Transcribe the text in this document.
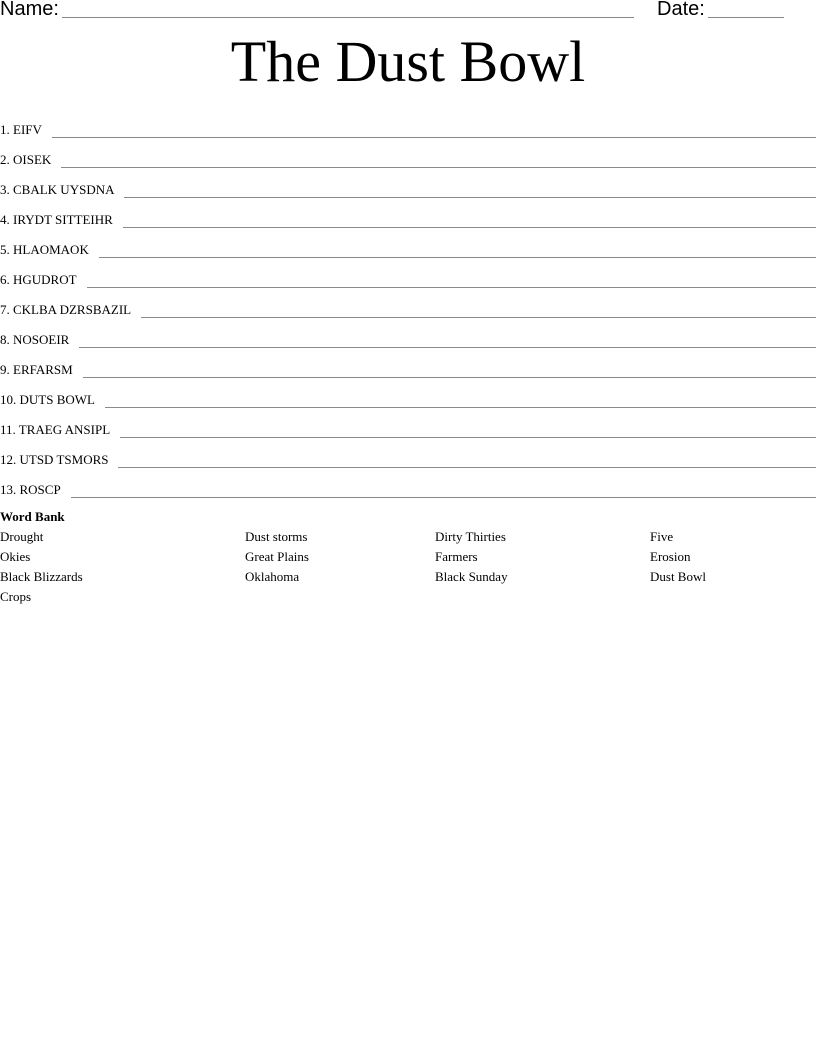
Name:	Date:
The Dust Bowl
1. EIFV
2. OISEK
3. CBALK UYSDNA
4. IRYDT SITTEIHR
5. HLAOMAOK
6. HGUDROT
7. CKLBA DZRSBAZIL
8. NOSOEIR
9. ERFARSM
10. DUTS BOWL
11. TRAEG ANSIPL
12. UTSD TSMORS
13. ROSCP
Word Bank
Drought	Dust storms	Dirty Thirties	Five
Okies	Great Plains	Farmers	Erosion
Black Blizzards	Oklahoma	Black Sunday	Dust Bowl
Crops
